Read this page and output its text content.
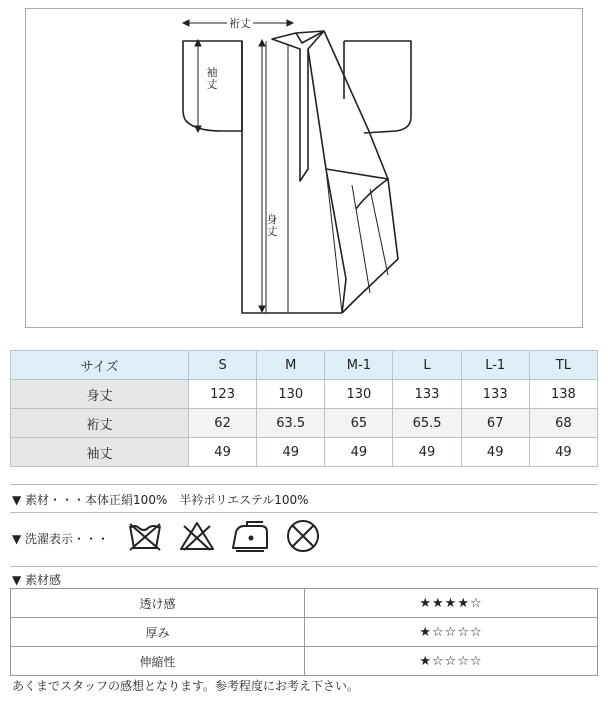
裄丈
袖丈
身丈
サイズ	S	M	M-1	L	L-1	TL
身丈	123	130	130	133	133	138
裄丈	62	63.5	65	65.5	67	68
袖丈	49	49	49	49	49	49
▼ 素材・・・本体正絹100%　半衿ポリエステル100%
▼ 洗濯表示・・・
▼ 素材感
透け感	★★★★☆
厚み	★☆☆☆☆
伸縮性	★☆☆☆☆
あくまでスタッフの感想となります。参考程度にお考え下さい。
